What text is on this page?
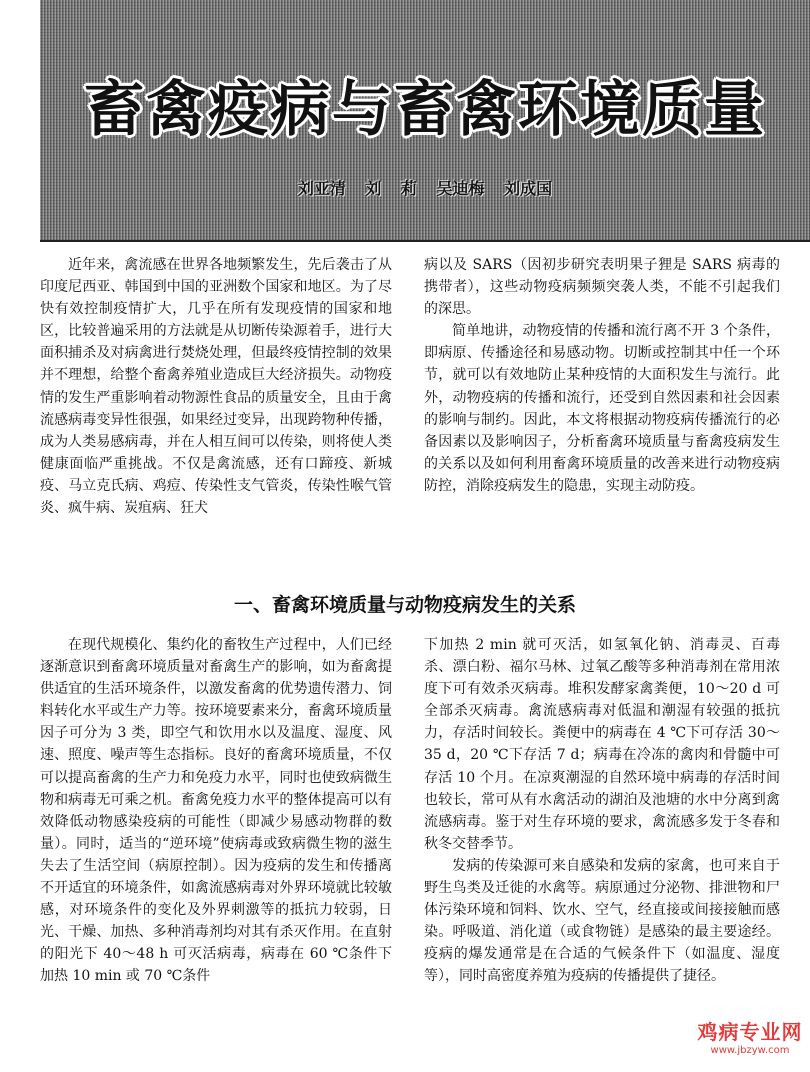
畜禽疫病与畜禽环境质量
刘亚清 刘 莉 吴迪梅 刘成国

近年来，禽流感在世界各地频繁发生，先后袭击了从印度尼西亚、韩国到中国的亚洲数个国家和地区。为了尽快有效控制疫情扩大，几乎在所有发现疫情的国家和地区，比较普遍采用的方法就是从切断传染源着手，进行大面积捕杀及对病禽进行焚烧处理，但最终疫情控制的效果并不理想，给整个畜禽养殖业造成巨大经济损失。动物疫情的发生严重影响着动物源性食品的质量安全，且由于禽流感病毒变异性很强，如果经过变异，出现跨物种传播，成为人类易感病毒，并在人相互间可以传染，则将使人类健康面临严重挑战。不仅是禽流感，还有口蹄疫、新城疫、马立克氏病、鸡痘、传染性支气管炎，传染性喉气管炎、疯牛病、炭疽病、狂犬

病以及 SARS（因初步研究表明果子狸是 SARS 病毒的携带者），这些动物疫病频频突袭人类，不能不引起我们的深思。

简单地讲，动物疫情的传播和流行离不开 3 个条件，即病原、传播途径和易感动物。切断或控制其中任一个环节，就可以有效地防止某种疫情的大面积发生与流行。此外，动物疫病的传播和流行，还受到自然因素和社会因素的影响与制约。因此，本文将根据动物疫病传播流行的必备因素以及影响因子，分析畜禽环境质量与畜禽疫病发生的关系以及如何利用畜禽环境质量的改善来进行动物疫病防控，消除疫病发生的隐患，实现主动防疫。

一、畜禽环境质量与动物疫病发生的关系

在现代规模化、集约化的畜牧生产过程中，人们已经逐渐意识到畜禽环境质量对畜禽生产的影响，如为畜禽提供适宜的生活环境条件，以激发畜禽的优势遗传潜力、饲料转化水平或生产力等。按环境要素来分，畜禽环境质量因子可分为 3 类，即空气和饮用水以及温度、湿度、风速、照度、噪声等生态指标。良好的畜禽环境质量，不仅可以提高畜禽的生产力和免疫力水平，同时也使致病微生物和病毒无可乘之机。畜禽免疫力水平的整体提高可以有效降低动物感染疫病的可能性（即减少易感动物群的数量）。同时，适当的“逆环境”使病毒或致病微生物的滋生失去了生活空间（病原控制）。因为疫病的发生和传播离不开适宜的环境条件，如禽流感病毒对外界环境就比较敏感，对环境条件的变化及外界刺激等的抵抗力较弱，日光、干燥、加热、多种消毒剂均对其有杀灭作用。在直射的阳光下 40～48 h 可灭活病毒，病毒在 60 ℃条件下加热 10 min 或 70 ℃条件

下加热 2 min 就可灭活，如氢氧化钠、消毒灵、百毒杀、漂白粉、福尔马林、过氧乙酸等多种消毒剂在常用浓度下可有效杀灭病毒。堆积发酵家禽粪便，10～20 d 可全部杀灭病毒。禽流感病毒对低温和潮湿有较强的抵抗力，存活时间较长。粪便中的病毒在 4 ℃下可存活 30～35 d，20 ℃下存活 7 d；病毒在冷冻的禽肉和骨髓中可存活 10 个月。在凉爽潮湿的自然环境中病毒的存活时间也较长，常可从有水禽活动的湖泊及池塘的水中分离到禽流感病毒。鉴于对生存环境的要求，禽流感多发于冬春和秋冬交替季节。

发病的传染源可来自感染和发病的家禽，也可来自于野生鸟类及迁徙的水禽等。病原通过分泌物、排泄物和尸体污染环境和饲料、饮水、空气，经直接或间接接触而感染。呼吸道、消化道（或食物链）是感染的最主要途经。疫病的爆发通常是在合适的气候条件下（如温度、湿度等），同时高密度养殖为疫病的传播提供了捷径。

鸡病专业网
www.jbzyw.com
